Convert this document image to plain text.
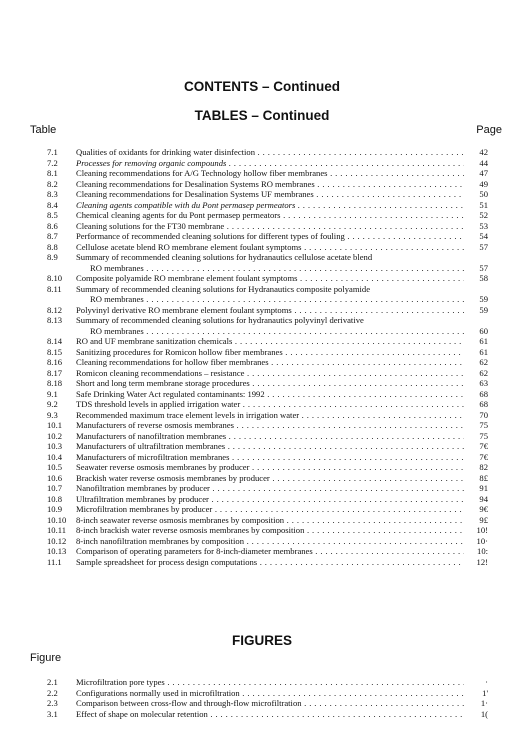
CONTENTS – Continued
TABLES – Continued
Table	Page
7.1 Qualities of oxidants for drinking water disinfection . . .	42
7.2 Processes for removing organic compounds . . .	44
8.1 Cleaning recommendations for A/G Technology hollow fiber membranes . . .	47
8.2 Cleaning recommendations for Desalination Systems RO membranes . . .	49
8.3 Cleaning recommendations for Desalination Systems UF membranes . . .	50
8.4 Cleaning agents compatible with du Pont permasep permeators . . .	51
8.5 Chemical cleaning agents for du Pont permasep permeators . . .	52
8.6 Cleaning solutions for the FT30 membrane . . .	53
8.7 Performance of recommended cleaning solutions for different types of fouling . . .	54
8.8 Cellulose acetate blend RO membrane element foulant symptoms . . .	57
8.9 Summary of recommended cleaning solutions for hydranautics cellulose acetate blend
RO membranes . . .	57
8.10 Composite polyamide RO membrane element foulant symptoms . . .	58
8.11 Summary of recommended cleaning solutions for Hydranautics composite polyamide
RO membranes . . .	59
8.12 Polyvinyl derivative RO membrane element foulant symptoms . . .	59
8.13 Summary of recommended cleaning solutions for hydranautics polyvinyl derivative
RO membranes . . .	60
8.14 RO and UF membrane sanitization chemicals . . .	61
8.15 Sanitizing procedures for Romicon hollow fiber membranes . . .	61
8.16 Cleaning recommendations for hollow fiber membranes . . .	62
8.17 Romicon cleaning recommendations – resistance . . .	62
8.18 Short and long term membrane storage procedures . . .	63
9.1 Safe Drinking Water Act regulated contaminants: 1992 . . .	68
9.2 TDS threshold levels in applied irrigation water . . .	68
9.3 Recommended maximum trace element levels in irrigation water . . .	70
10.1 Manufacturers of reverse osmosis membranes . . .	75
10.2 Manufacturers of nanofiltration membranes . . .	75
10.3 Manufacturers of ultrafiltration membranes . . .	7€
10.4 Manufacturers of microfiltration membranes . . .	7€
10.5 Seawater reverse osmosis membranes by producer . . .	82
10.6 Brackish water reverse osmosis membranes by producer . . .	8£
10.7 Nanofiltration membranes by producer . . .	91
10.8 Ultrafiltration membranes by producer . . .	94
10.9 Microfiltration membranes by producer . . .	9€
10.10 8-inch seawater reverse osmosis membranes by composition . . .	9£
10.11 8-inch brackish water reverse osmosis membranes by composition . . .	10!
10.12 8-inch nanofiltration membranes by composition . . .	10·
10.13 Comparison of operating parameters for 8-inch-diameter membranes . . .	10:
11.1 Sample spreadsheet for process design computations . . .	12!
FIGURES
Figure
2.1 Microfiltration pore types . . .	·
2.2 Configurations normally used in microfiltration . . .	1'
2.3 Comparison between cross-flow and through-flow microfiltration . . .	1·
3.1 Effect of shape on molecular retention . . .	1(
